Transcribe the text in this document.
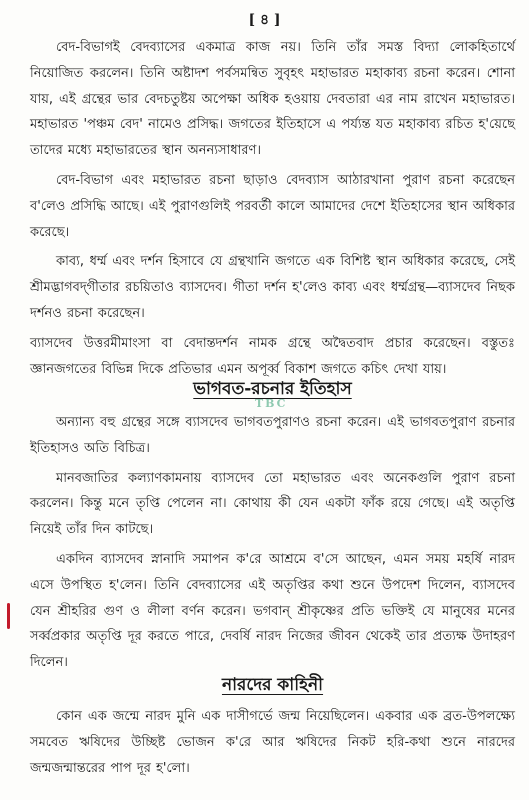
[ ৪ ]

বেদ-বিভাগই বেদব্যাসের একমাত্র কাজ নয়। তিনি তাঁর সমস্ত বিদ্যা লোকহিতার্থে নিয়োজিত করলেন। তিনি অষ্টাদশ পর্বসমন্বিত সুবৃহৎ মহাভারত মহাকাব্য রচনা করেন। শোনা যায়, এই গ্রন্থের ভার বেদচতুষ্টয় অপেক্ষা অধিক হওয়ায় দেবতারা এর নাম রাখেন মহাভারত। মহাভারত 'পঞ্চম বেদ' নামেও প্রসিদ্ধ। জগতের ইতিহাসে এ পর্য্যন্ত যত মহাকাব্য রচিত হ'য়েছে তাদের মধ্যে মহাভারতের স্থান অনন্যসাধারণ।

বেদ-বিভাগ এবং মহাভারত রচনা ছাড়াও বেদব্যাস আঠারখানা পুরাণ রচনা করেছেন ব'লেও প্রসিদ্ধি আছে। এই পুরাণগুলিই পরবর্তী কালে আমাদের দেশে ইতিহাসের স্থান অধিকার করেছে।

কাব্য, ধর্ম্ম এবং দর্শন হিসাবে যে গ্রন্থখানি জগতে এক বিশিষ্ট স্থান অধিকার করেছে, সেই শ্রীমদ্ভাগবদ্‌গীতার রচয়িতাও ব্যাসদেব। গীতা দর্শন হ'লেও কাব্য এবং ধর্ম্মগ্রন্থ—ব্যাসদেব নিছক দর্শনও রচনা করেছেন।

ব্যাসদেব উত্তরমীমাংসা বা বেদান্তদর্শন নামক গ্রন্থে অদ্বৈতবাদ প্রচার করেছেন। বস্তুতঃ জ্ঞানজগতের বিভিন্ন দিকে প্রতিভার এমন অপূর্ব্ব বিকাশ জগতে কচিৎ দেখা যায়।

ভাগবত-রচনার ইতিহাস

অন্যান্য বহু গ্রন্থের সঙ্গে ব্যাসদেব ভাগবতপুরাণও রচনা করেন। এই ভাগবতপুরাণ রচনার ইতিহাসও অতি বিচিত্র।

মানবজাতির কল্যাণকামনায় ব্যাসদেব তো মহাভারত এবং অনেকগুলি পুরাণ রচনা করলেন। কিন্তু মনে তৃপ্তি পেলেন না। কোথায় কী যেন একটা ফাঁক রয়ে গেছে। এই অতৃপ্তি নিয়েই তাঁর দিন কাটছে।

একদিন ব্যাসদেব স্নানাদি সমাপন ক'রে আশ্রমে ব'সে আছেন, এমন সময় মহর্ষি নারদ এসে উপস্থিত হ'লেন। তিনি বেদব্যাসের এই অতৃপ্তির কথা শুনে উপদেশ দিলেন, ব্যাসদেব যেন শ্রীহরির গুণ ও লীলা বর্ণন করেন। ভগবান্ শ্রীকৃষ্ণের প্রতি ভক্তিই যে মানুষের মনের সর্ব্বপ্রকার অতৃপ্তি দূর করতে পারে, দেবর্ষি নারদ নিজের জীবন থেকেই তার প্রত্যক্ষ উদাহরণ দিলেন।

নারদের কাহিনী

কোন এক জন্মে নারদ মুনি এক দাসীগর্ভে জন্ম নিয়েছিলেন। একবার এক ব্রত-উপলক্ষ্যে সমবেত ঋষিদের উচ্ছিষ্ট ভোজন ক'রে আর ঋষিদের নিকট হরি-কথা শুনে নারদের জন্মজন্মান্তরের পাপ দূর হ'লো।

TBC
